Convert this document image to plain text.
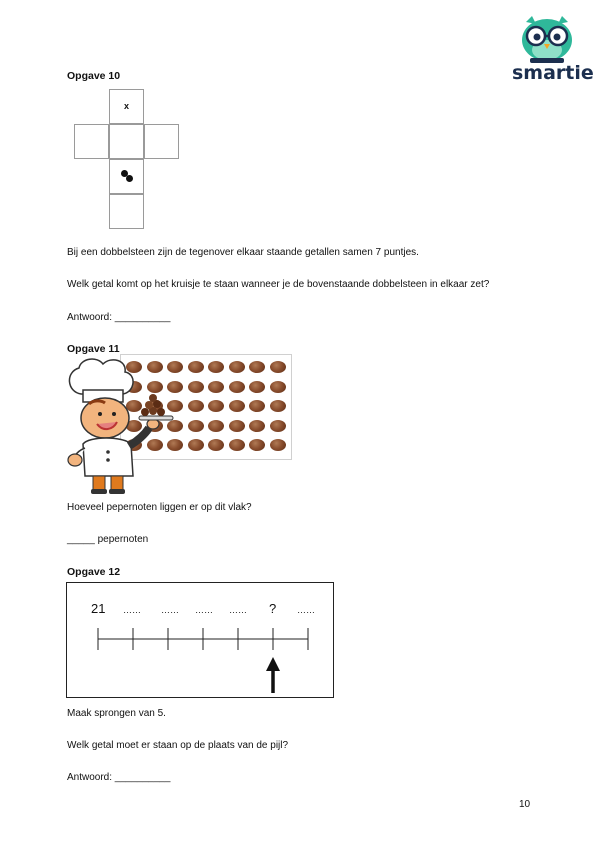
smartie
Opgave 10
x
Bij een dobbelsteen zijn de tegenover elkaar staande getallen samen 7 puntjes.
Welk getal komt op het kruisje te staan wanneer je de bovenstaande dobbelsteen in elkaar zet?
Antwoord: __________
Opgave 11
Hoeveel pepernoten liggen er op dit vlak?
_____ pepernoten
Opgave 12
21 …… …… …… …… ? ……
Maak sprongen van 5.
Welk getal moet er staan op de plaats van de pijl?
Antwoord: __________
10
